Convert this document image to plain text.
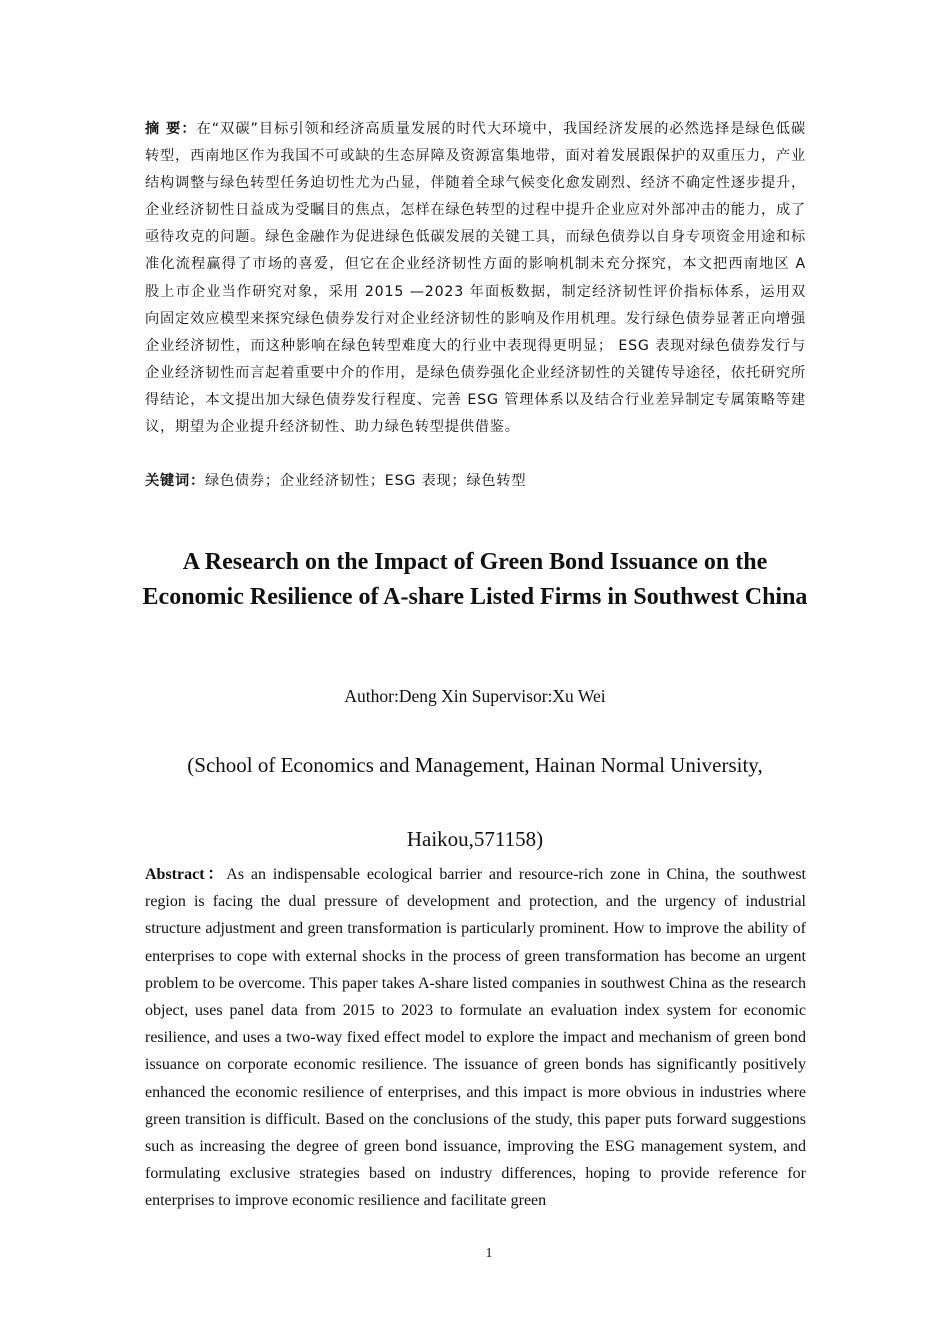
摘 要：在“双碳”目标引领和经济高质量发展的时代大环境中，我国经济发展的必然选择是绿色低碳转型，西南地区作为我国不可或缺的生态屏障及资源富集地带，面对着发展跟保护的双重压力，产业结构调整与绿色转型任务迫切性尤为凸显，伴随着全球气候变化愈发剧烈、经济不确定性逐步提升，企业经济韧性日益成为受瞩目的焦点，怎样在绿色转型的过程中提升企业应对外部冲击的能力，成了亟待攻克的问题。绿色金融作为促进绿色低碳发展的关键工具，而绿色债券以自身专项资金用途和标准化流程赢得了市场的喜爱，但它在企业经济韧性方面的影响机制未充分探究，本文把西南地区 A 股上市企业当作研究对象，采用 2015 —2023 年面板数据，制定经济韧性评价指标体系，运用双向固定效应模型来探究绿色债券发行对企业经济韧性的影响及作用机理。发行绿色债券显著正向增强企业经济韧性，而这种影响在绿色转型难度大的行业中表现得更明显； ESG 表现对绿色债券发行与企业经济韧性而言起着重要中介的作用，是绿色债券强化企业经济韧性的关键传导途径，依托研究所得结论，本文提出加大绿色债券发行程度、完善 ESG 管理体系以及结合行业差异制定专属策略等建议，期望为企业提升经济韧性、助力绿色转型提供借鉴。
关键词：绿色债券；企业经济韧性；ESG 表现；绿色转型
A Research on the Impact of Green Bond Issuance on the Economic Resilience of A-share Listed Firms in Southwest China
Author:Deng Xin Supervisor:Xu Wei
(School of Economics and Management, Hainan Normal University, Haikou,571158)
Abstract：As an indispensable ecological barrier and resource-rich zone in China, the southwest region is facing the dual pressure of development and protection, and the urgency of industrial structure adjustment and green transformation is particularly prominent. How to improve the ability of enterprises to cope with external shocks in the process of green transformation has become an urgent problem to be overcome. This paper takes A-share listed companies in southwest China as the research object, uses panel data from 2015 to 2023 to formulate an evaluation index system for economic resilience, and uses a two-way fixed effect model to explore the impact and mechanism of green bond issuance on corporate economic resilience. The issuance of green bonds has significantly positively enhanced the economic resilience of enterprises, and this impact is more obvious in industries where green transition is difficult. Based on the conclusions of the study, this paper puts forward suggestions such as increasing the degree of green bond issuance, improving the ESG management system, and formulating exclusive strategies based on industry differences, hoping to provide reference for enterprises to improve economic resilience and facilitate green
1
